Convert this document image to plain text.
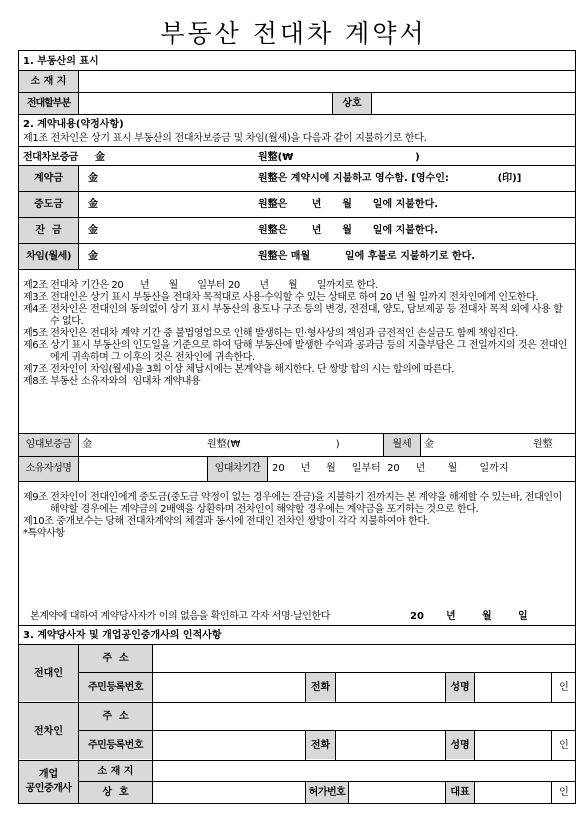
부동산 전대차 계약서
1. 부동산의 표시
소 재 지
전대할부분	상호
2. 계약내용(약정사항)
제1조 전차인은 상기 표시 부동산의 전대차보증금 및 차임(월세)을 다음과 같이 지불하기로 한다.
전대차보증금 金	원整(₩                                   )
계약금	金	원整은 계약시에 지불하고 영수함. [영수인:              (印)]
중도금	金	원整은       년      월      일에 지불한다.
잔  금	金	원整은       년      월      일에 지불한다.
차임(월세)	金	원整은 매월          일에 후불로 지불하기로 한다.

제2조 전대차 기간은 20      년       월       일부터 20       년       월       일까지로 한다.

제3조 전대인은 상기 표시 부동산을 전대차 목적대로 사용·수익할 수 있는 상태로 하여 20 년 월 일까지 전차인에게 인도한다.

제4조 전차인은 전대인의 동의없이 상기 표시 부동산의 용도나 구조 등의 변경, 전전대, 양도, 담보제공 등 전대차 목적 외에 사용 할 수 없다.

제5조 전차인은 전대차 계약 기간 중 불법영업으로 인해 발생하는 민·형사상의 책임과 금전적인 손실금도 함께 책임진다.

제6조 상기 표시 부동산의 인도일을 기준으로 하여 당해 부동산에 발생한 수익과 공과금 등의 지출부담은 그 전일까지의 것은 전대인에게 귀속하며 그 이후의 것은 전차인에 귀속한다.

제7조 전차인이 차임(월세)을 3회 이상 체납시에는 본계약을 해지한다. 단 쌍방 합의 시는 합의에 따른다.

제8조 부동산 소유자와의  임대차 계약내용

임대보증금	金	원整(₩                              )	월세	金	원整
소유자성명	임대차기간	20     년     월     일부터  20     년       월       일까지

제9조 전차인이 전대인에게 중도금(중도금 약정이 없는 경우에는 잔금)을 지불하기 전까지는 본 계약을 해제할 수 있는바, 전대인이 해약할 경우에는 계약금의 2배액을 상환하며 전차인이 해약할 경우에는 계약금을 포기하는 것으로 한다.

제10조 중개보수는 당해 전대차계약의 체결과 동시에 전대인 전차인 쌍방이 각각 지불하여야 한다.

*특약사항

본계약에 대하여 계약당사자가 이의 없음을 확인하고 각자 서명·날인한다	20 년	월	일
3. 계약당사자 및 개업공인중개사의 인적사항
전대인
주  소
주민등록번호	전화	성명	인
전차인
주  소
주민등록번호	전화	성명	인
개업
공인중개사
소 재 지
상  호	허가번호	대표	인
